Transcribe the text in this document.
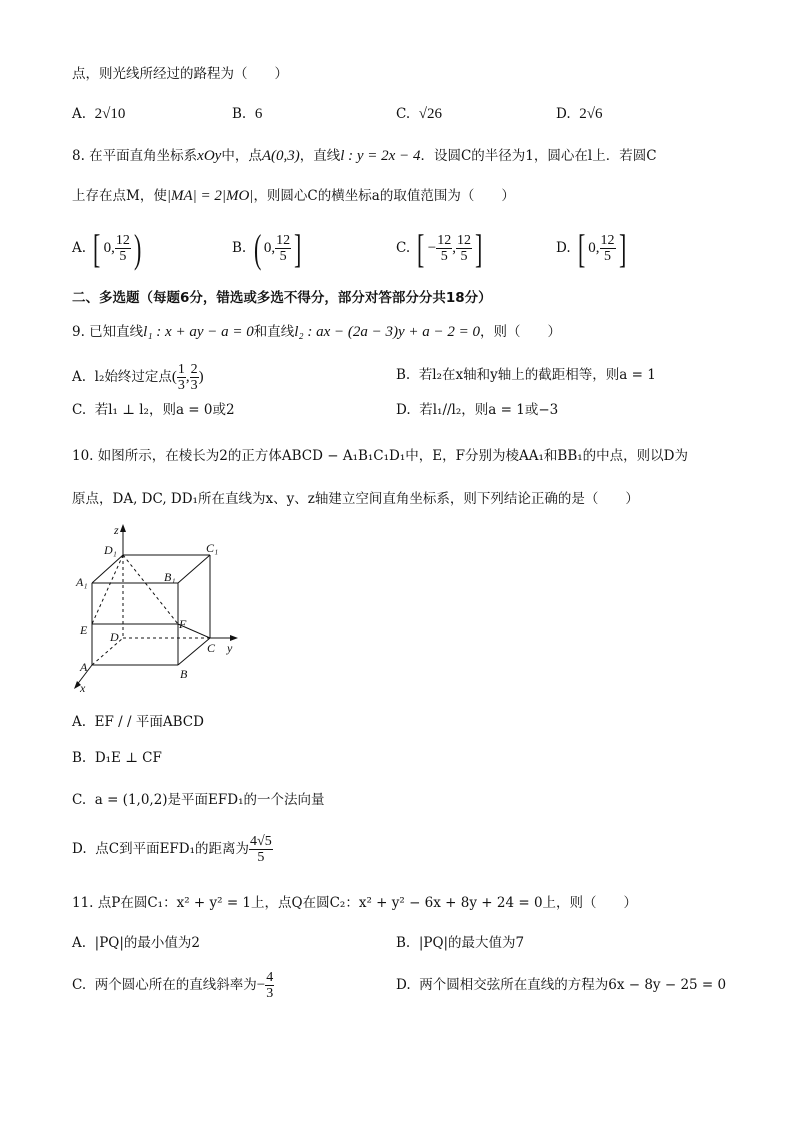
点，则光线所经过的路程为（　　）
A. 2√10	B. 6	C. √26	D. 2√6
8. 在平面直角坐标系xOy中，点A(0,3)，直线l : y = 2x − 4．设圆C的半径为1，圆心在l上．若圆C
上存在点M，使|MA| = 2|MO|，则圆心C的横坐标a的取值范围为（　　）
A. [ 0, $\frac{12}{5}$ )	B. ( 0, $\frac{12}{5}$ ]	C. [ − $\frac{12}{5}$ , $\frac{12}{5}$ ]	D. [ 0, $\frac{12}{5}$ ]
二、多选题（每题6分，错选或多选不得分，部分对答部分分共18分）
9. 已知直线l₁ : x + ay − a = 0和直线l₂ : ax − (2a − 3)y + a − 2 = 0，则（　　）
A. l₂始终过定点( $\frac{1}{3}$ , $\frac{2}{3}$ )	B. 若l₂在x轴和y轴上的截距相等，则a = 1
C. 若l₁ ⊥ l₂，则a = 0或2	D. 若l₁//l₂，则a = 1或−3
10. 如图所示，在棱长为2的正方体ABCD − A₁B₁C₁D₁中，E，F分别为棱AA₁和BB₁的中点，则以D为
原点，DA, DC, DD₁所在直线为x、y、z轴建立空间直角坐标系，则下列结论正确的是（　　）
z
D₁	C₁
A₁	B₁
E D
F
C y
A	B
x
A. EF / / 平面ABCD
B. D₁E ⊥ CF
C. a = (1,0,2)是平面EFD₁的一个法向量
D. 点C到平面EFD₁的距离为 $\frac{4√5}{5}$
11. 点P在圆C₁：x² + y² = 1上，点Q在圆C₂：x² + y² − 6x + 8y + 24 = 0上，则（　　）
A. |PQ|的最小值为2	B. |PQ|的最大值为7
C. 两个圆心所在的直线斜率为− $\frac{4}{3}$	D. 两个圆相交弦所在直线的方程为6x − 8y − 25 = 0
